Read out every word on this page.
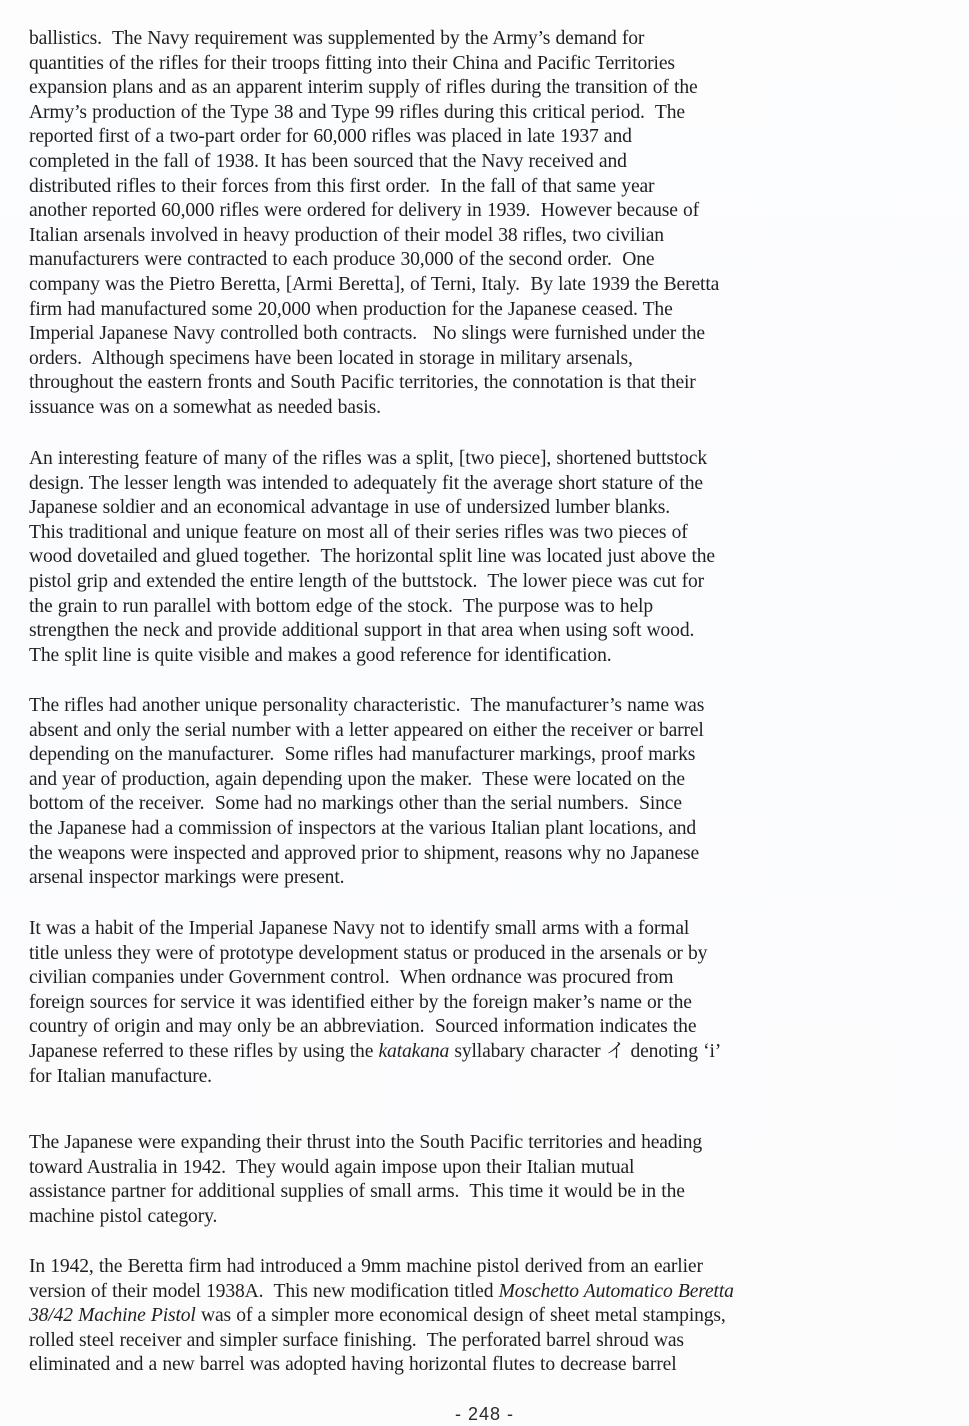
ballistics.  The Navy requirement was supplemented by the Army’s demand for
quantities of the rifles for their troops fitting into their China and Pacific Territories
expansion plans and as an apparent interim supply of rifles during the transition of the
Army’s production of the Type 38 and Type 99 rifles during this critical period.  The
reported first of a two-part order for 60,000 rifles was placed in late 1937 and
completed in the fall of 1938. It has been sourced that the Navy received and
distributed rifles to their forces from this first order.  In the fall of that same year
another reported 60,000 rifles were ordered for delivery in 1939.  However because of
Italian arsenals involved in heavy production of their model 38 rifles, two civilian
manufacturers were contracted to each produce 30,000 of the second order.  One
company was the Pietro Beretta, [Armi Beretta], of Terni, Italy.  By late 1939 the Beretta
firm had manufactured some 20,000 when production for the Japanese ceased. The
Imperial Japanese Navy controlled both contracts.   No slings were furnished under the
orders.  Although specimens have been located in storage in military arsenals,
throughout the eastern fronts and South Pacific territories, the connotation is that their
issuance was on a somewhat as needed basis.
An interesting feature of many of the rifles was a split, [two piece], shortened buttstock
design. The lesser length was intended to adequately fit the average short stature of the
Japanese soldier and an economical advantage in use of undersized lumber blanks.
This traditional and unique feature on most all of their series rifles was two pieces of
wood dovetailed and glued together.  The horizontal split line was located just above the
pistol grip and extended the entire length of the buttstock.  The lower piece was cut for
the grain to run parallel with bottom edge of the stock.  The purpose was to help
strengthen the neck and provide additional support in that area when using soft wood.
The split line is quite visible and makes a good reference for identification.
The rifles had another unique personality characteristic.  The manufacturer’s name was
absent and only the serial number with a letter appeared on either the receiver or barrel
depending on the manufacturer.  Some rifles had manufacturer markings, proof marks
and year of production, again depending upon the maker.  These were located on the
bottom of the receiver.  Some had no markings other than the serial numbers.  Since
the Japanese had a commission of inspectors at the various Italian plant locations, and
the weapons were inspected and approved prior to shipment, reasons why no Japanese
arsenal inspector markings were present.
It was a habit of the Imperial Japanese Navy not to identify small arms with a formal
title unless they were of prototype development status or produced in the arsenals or by
civilian companies under Government control.  When ordnance was procured from
foreign sources for service it was identified either by the foreign maker’s name or the
country of origin and may only be an abbreviation.  Sourced information indicates the
Japanese referred to these rifles by using the katakana syllabary character イ denoting ‘i’
for Italian manufacture.
The Japanese were expanding their thrust into the South Pacific territories and heading
toward Australia in 1942.  They would again impose upon their Italian mutual
assistance partner for additional supplies of small arms.  This time it would be in the
machine pistol category.
In 1942, the Beretta firm had introduced a 9mm machine pistol derived from an earlier
version of their model 1938A.  This new modification titled Moschetto Automatico Beretta
38/42 Machine Pistol was of a simpler more economical design of sheet metal stampings,
rolled steel receiver and simpler surface finishing.  The perforated barrel shroud was
eliminated and a new barrel was adopted having horizontal flutes to decrease barrel
- 248 -
